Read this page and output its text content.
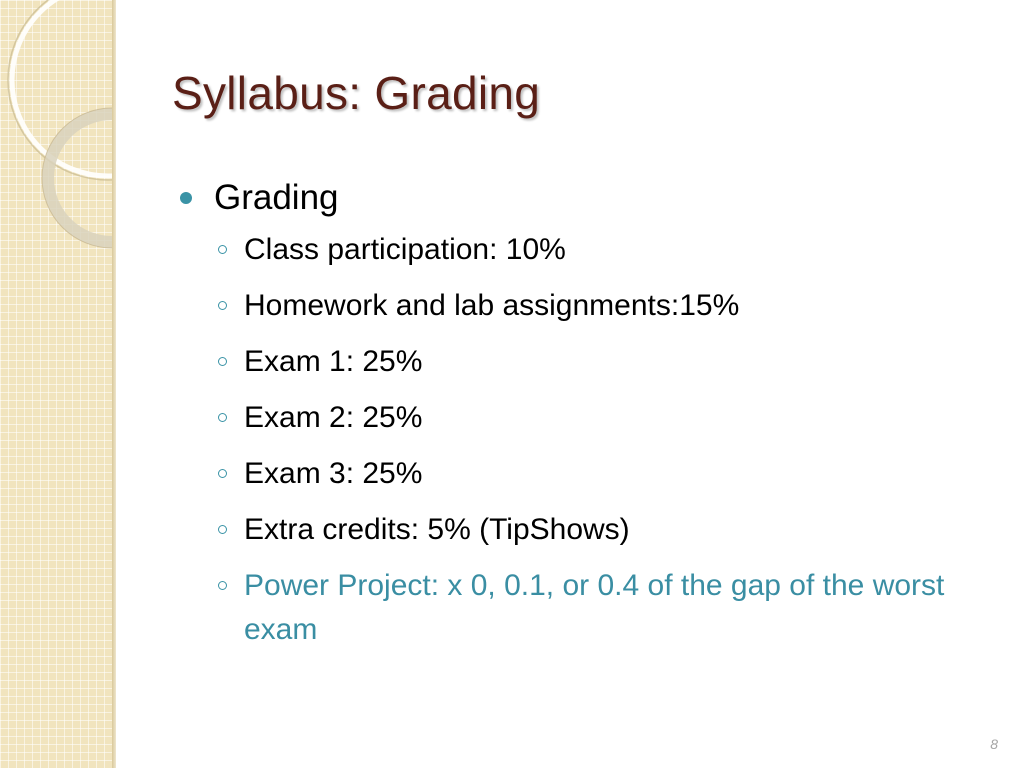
Syllabus: Grading
Grading
Class participation: 10%
Homework and lab assignments:15%
Exam 1: 25%
Exam 2: 25%
Exam 3: 25%
Extra credits: 5% (TipShows)
Power Project: x 0, 0.1, or 0.4 of the gap of the worst exam
8
